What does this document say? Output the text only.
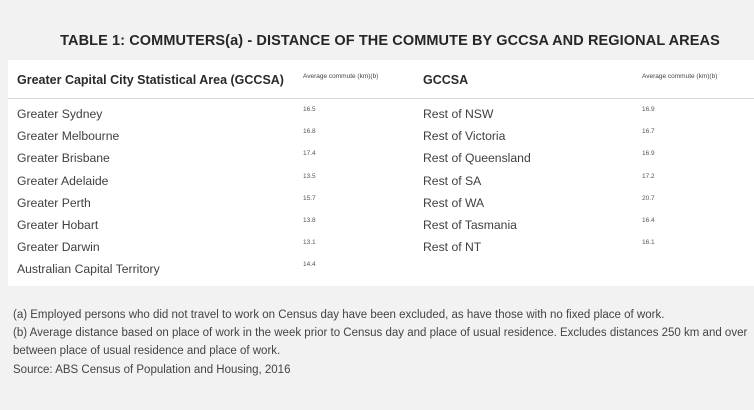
TABLE 1: COMMUTERS(a) - DISTANCE OF THE COMMUTE BY GCCSA AND REGIONAL AREAS
Greater Capital City Statistical Area (GCCSA)	Average commute (km)(b)	GCCSA	Average commute (km)(b)
Greater Sydney	16.5	Rest of NSW	16.9
Greater Melbourne	16.8	Rest of Victoria	16.7
Greater Brisbane	17.4	Rest of Queensland	16.9
Greater Adelaide	13.5	Rest of SA	17.2
Greater Perth	15.7	Rest of WA	20.7
Greater Hobart	13.8	Rest of Tasmania	16.4
Greater Darwin	13.1	Rest of NT	16.1
Australian Capital Territory	14.4
(a) Employed persons who did not travel to work on Census day have been excluded, as have those with no fixed place of work.
(b) Average distance based on place of work in the week prior to Census day and place of usual residence. Excludes distances 250 km and over between place of usual residence and place of work.
Source: ABS Census of Population and Housing, 2016
